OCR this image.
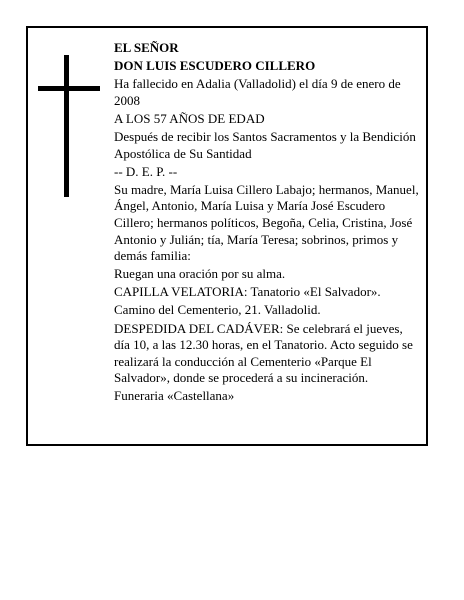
EL SEÑOR

DON LUIS ESCUDERO CILLERO

Ha fallecido en Adalia (Valladolid) el día 9 de enero de 2008

A LOS 57 AÑOS DE EDAD

Después de recibir los Santos Sacramentos y la Bendición Apostólica de Su Santidad

-- D. E. P. --

Su madre, María Luisa Cillero Labajo; hermanos, Manuel, Ángel, Antonio, María Luisa y María José Escudero Cillero; hermanos políticos, Begoña, Celia, Cristina, José Antonio y Julián; tía, María Teresa; sobrinos, primos y demás familia:

Ruegan una oración por su alma.

CAPILLA VELATORIA: Tanatorio «El Salvador».

Camino del Cementerio, 21. Valladolid.

DESPEDIDA DEL CADÁVER: Se celebrará el jueves, día 10, a las 12.30 horas, en el Tanatorio. Acto seguido se realizará la conducción al Cementerio «Parque El Salvador», donde se procederá a su incineración.

Funeraria «Castellana»
